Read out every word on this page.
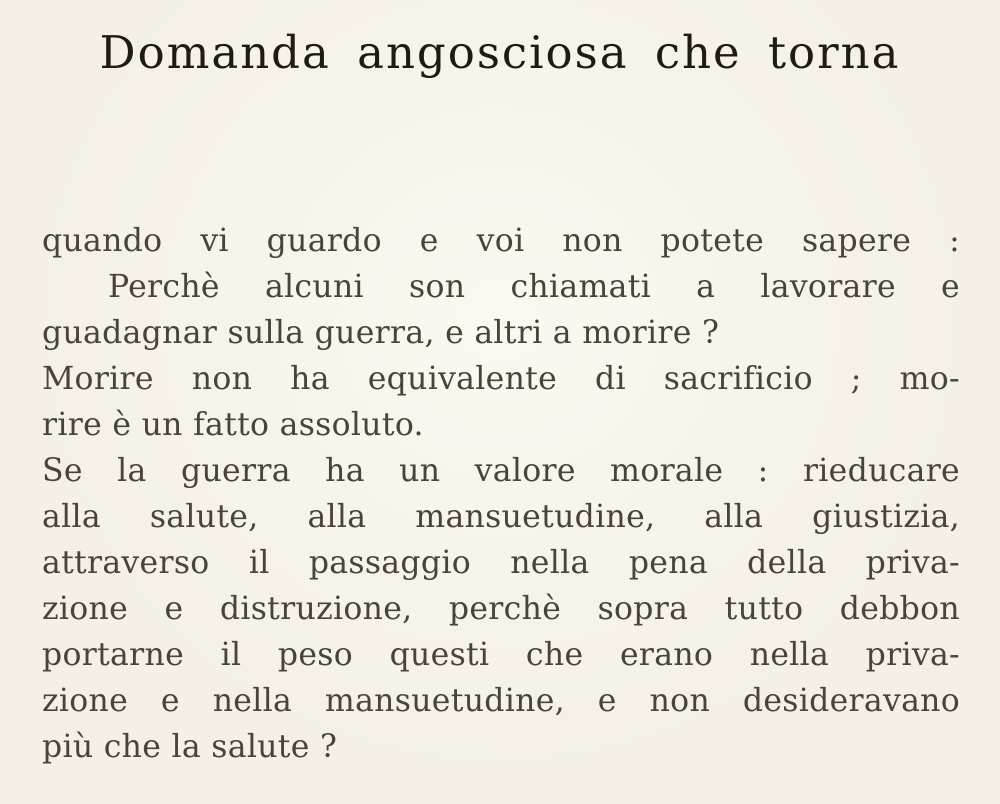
Domanda angosciosa che torna
quando vi guardo e voi non potete sapere :
Perchè alcuni son chiamati a lavorare e
guadagnar sulla guerra, e altri a morire ?
Morire non ha equivalente di sacrificio ; mo-
rire è un fatto assoluto.
Se la guerra ha un valore morale : rieducare
alla salute, alla mansuetudine, alla giustizia,
attraverso il passaggio nella pena della priva-
zione e distruzione, perchè sopra tutto debbon
portarne il peso questi che erano nella priva-
zione e nella mansuetudine, e non desideravano
più che la salute ?
